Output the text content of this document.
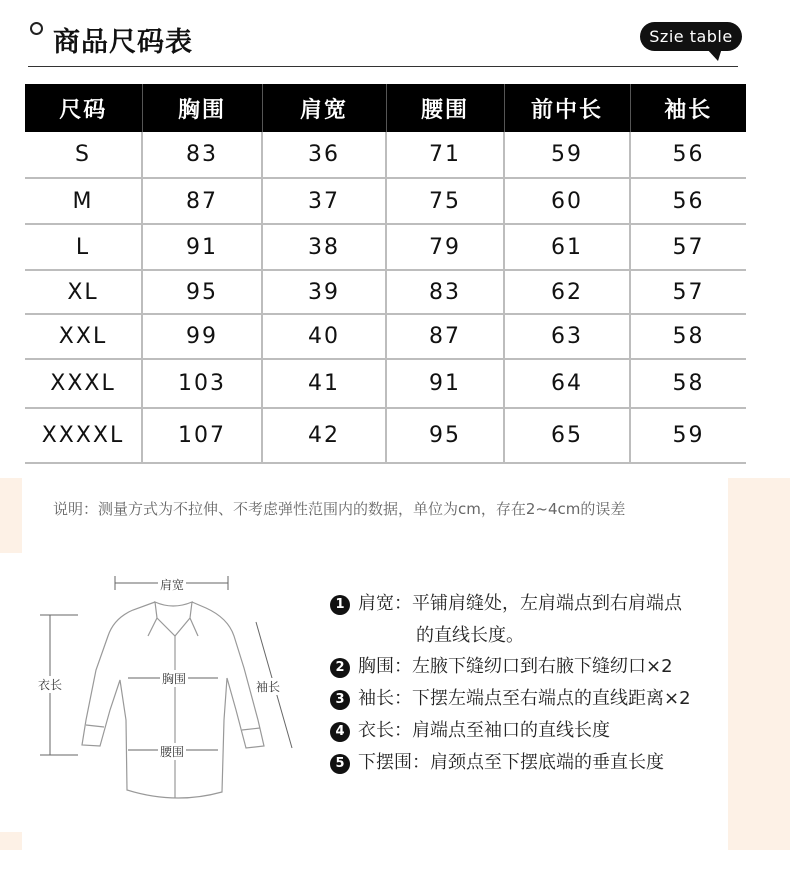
商品尺码表	Szie table
尺码	胸围	肩宽	腰围	前中长	袖长
S	83	36	71	59	56
M	87	37	75	60	56
L	91	38	79	61	57
XL	95	39	83	62	57
XXL	99	40	87	63	58
XXXL	103	41	91	64	58
XXXXL	107	42	95	65	59
说明：测量方式为不拉伸、不考虑弹性范围内的数据，单位为cm，存在2~4cm的误差
肩宽
衣长	胸围
腰围
袖长
1 肩宽：平铺肩缝处，左肩端点到右肩端点
的直线长度。
2 胸围：左腋下缝纫口到右腋下缝纫口×2
3 袖长：下摆左端点至右端点的直线距离×2
4 衣长：肩端点至袖口的直线长度
5 下摆围：肩颈点至下摆底端的垂直长度
